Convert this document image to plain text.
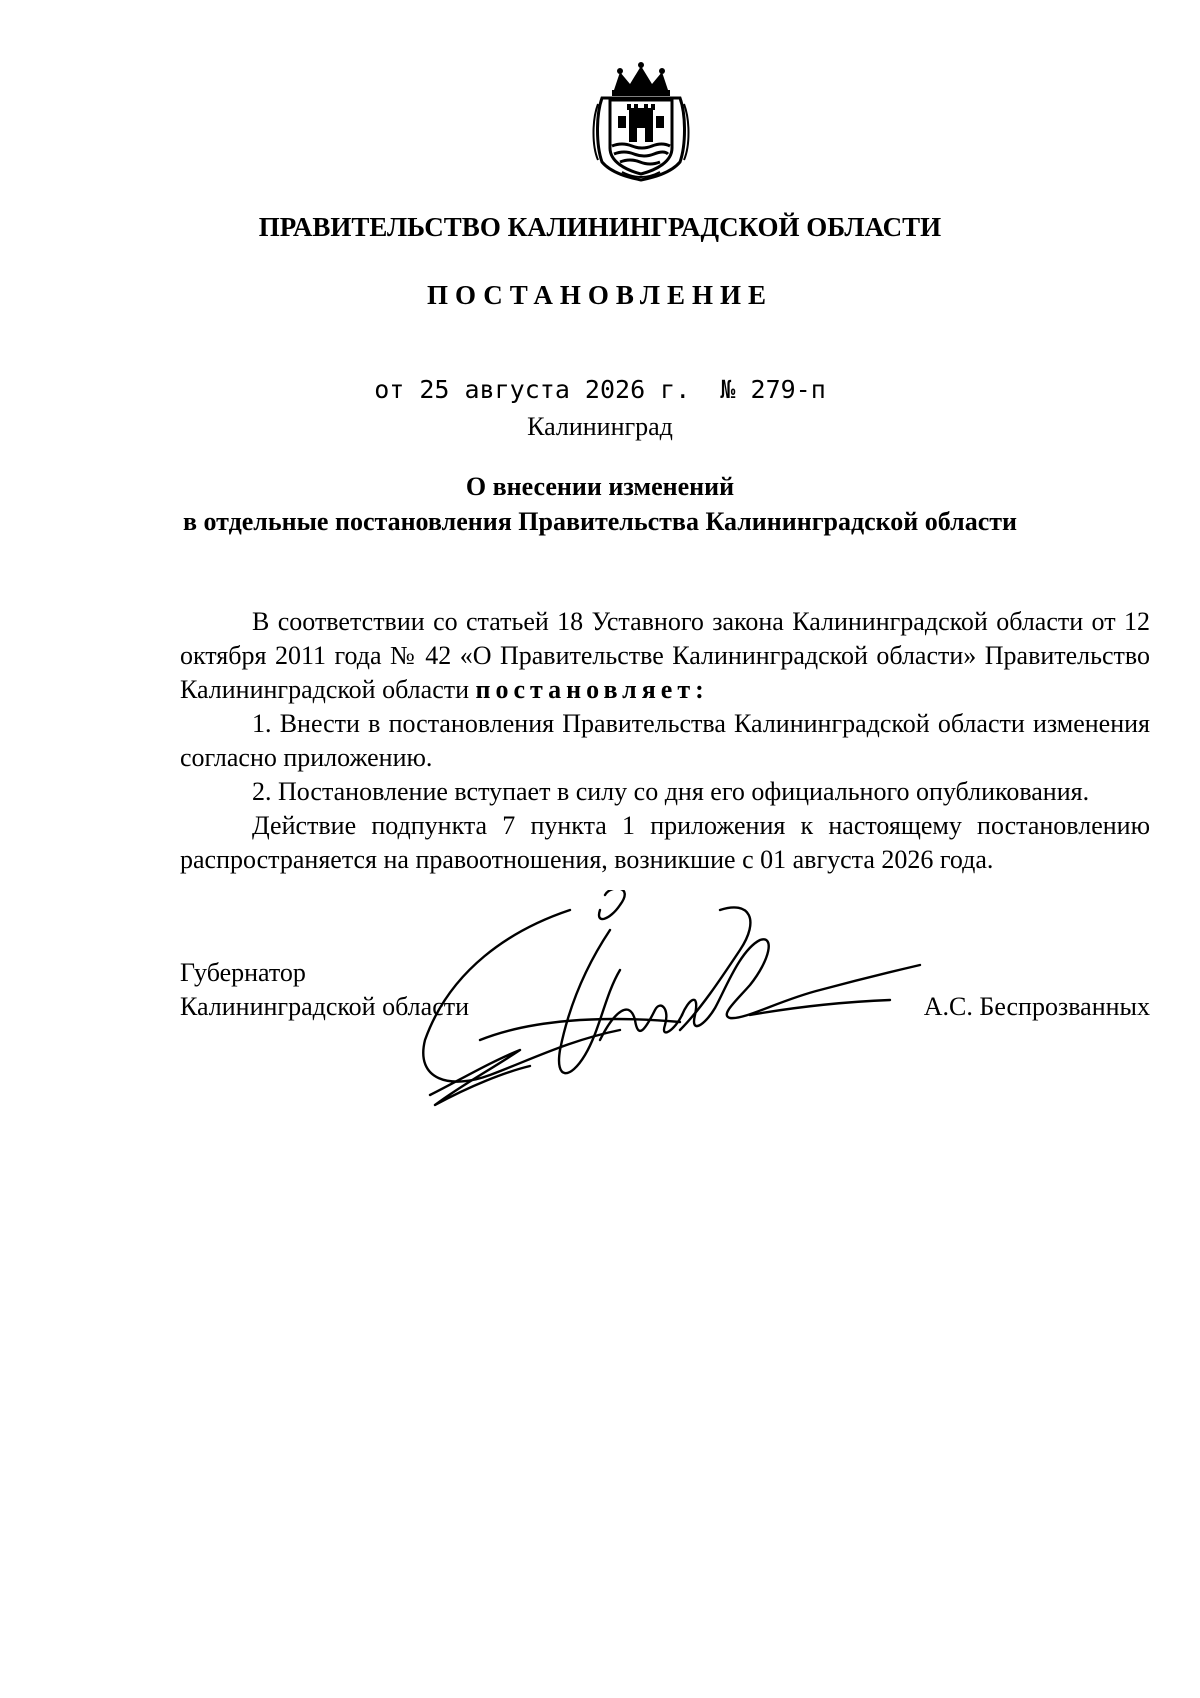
ПРАВИТЕЛЬСТВО КАЛИНИНГРАДСКОЙ ОБЛАСТИ
ПОСТАНОВЛЕНИЕ
от 25 августа 2026 г. № 279-п
Калининград
О внесении изменений
в отдельные постановления Правительства Калининградской области

В соответствии со статьей 18 Уставного закона Калининградской области от 12 октября 2011 года № 42 «О Правительстве Калининградской области» Правительство Калининградской области постановляет:

1. Внести в постановления Правительства Калининградской области изменения согласно приложению.

2. Постановление вступает в силу со дня его официального опубликования.

Действие подпункта 7 пункта 1 приложения к настоящему постановлению распространяется на правоотношения, возникшие с 01 августа 2026 года.

Губернатор
Калининградской области	А.С. Беспрозванных
